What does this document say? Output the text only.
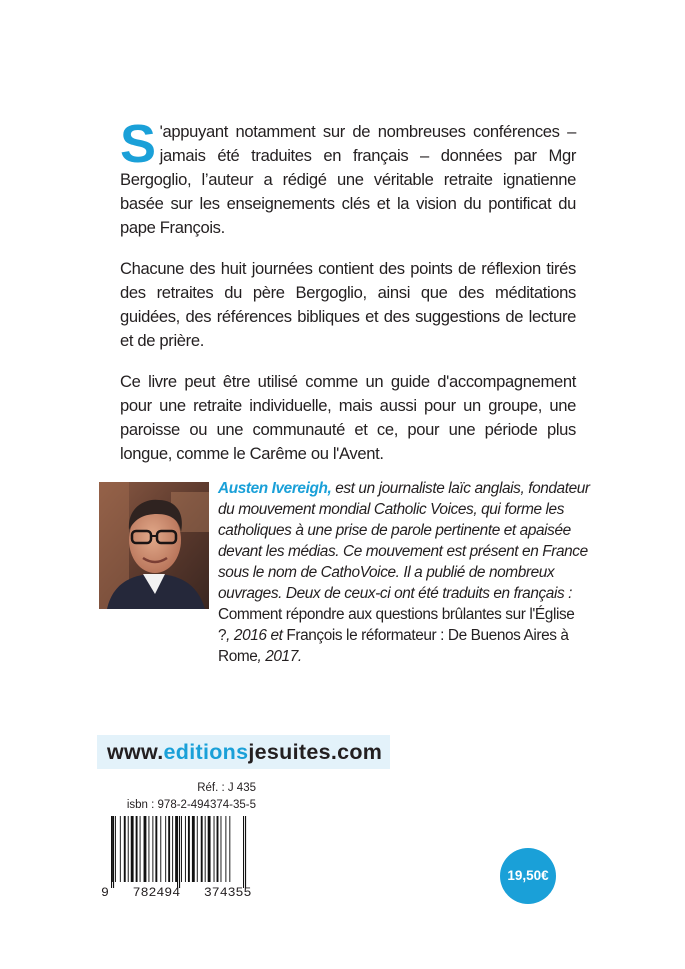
S 'appuyant notamment sur de nombreuses conférences – jamais été traduites en français – données par Mgr Bergoglio, l’auteur a rédigé une véritable retraite ignatienne basée sur les enseignements clés et la vision du pontificat du pape François.

Chacune des huit journées contient des points de réflexion tirés des retraites du père Bergoglio, ainsi que des méditations guidées, des références bibliques et des suggestions de lecture et de prière.

Ce livre peut être utilisé comme un guide d'accompagnement pour une retraite individuelle, mais aussi pour un groupe, une paroisse ou une communauté et ce, pour une période plus longue, comme le Carême ou l'Avent.

Austen Ivereigh, est un journaliste laïc anglais, fondateur du mouvement mondial Catholic Voices, qui forme les catholiques à une prise de parole pertinente et apaisée devant les médias. Ce mouvement est présent en France sous le nom de CathoVoice. Il a publié de nombreux ouvrages. Deux de ceux-ci ont été traduits en français : Comment répondre aux questions brûlantes sur l'Église ?, 2016 et François le réformateur : De Buenos Aires à Rome, 2017.

www.editionsjesuites.com
Réf. : J 435
isbn : 978-2-494374-35-5
9   782494   374355
19,50€
